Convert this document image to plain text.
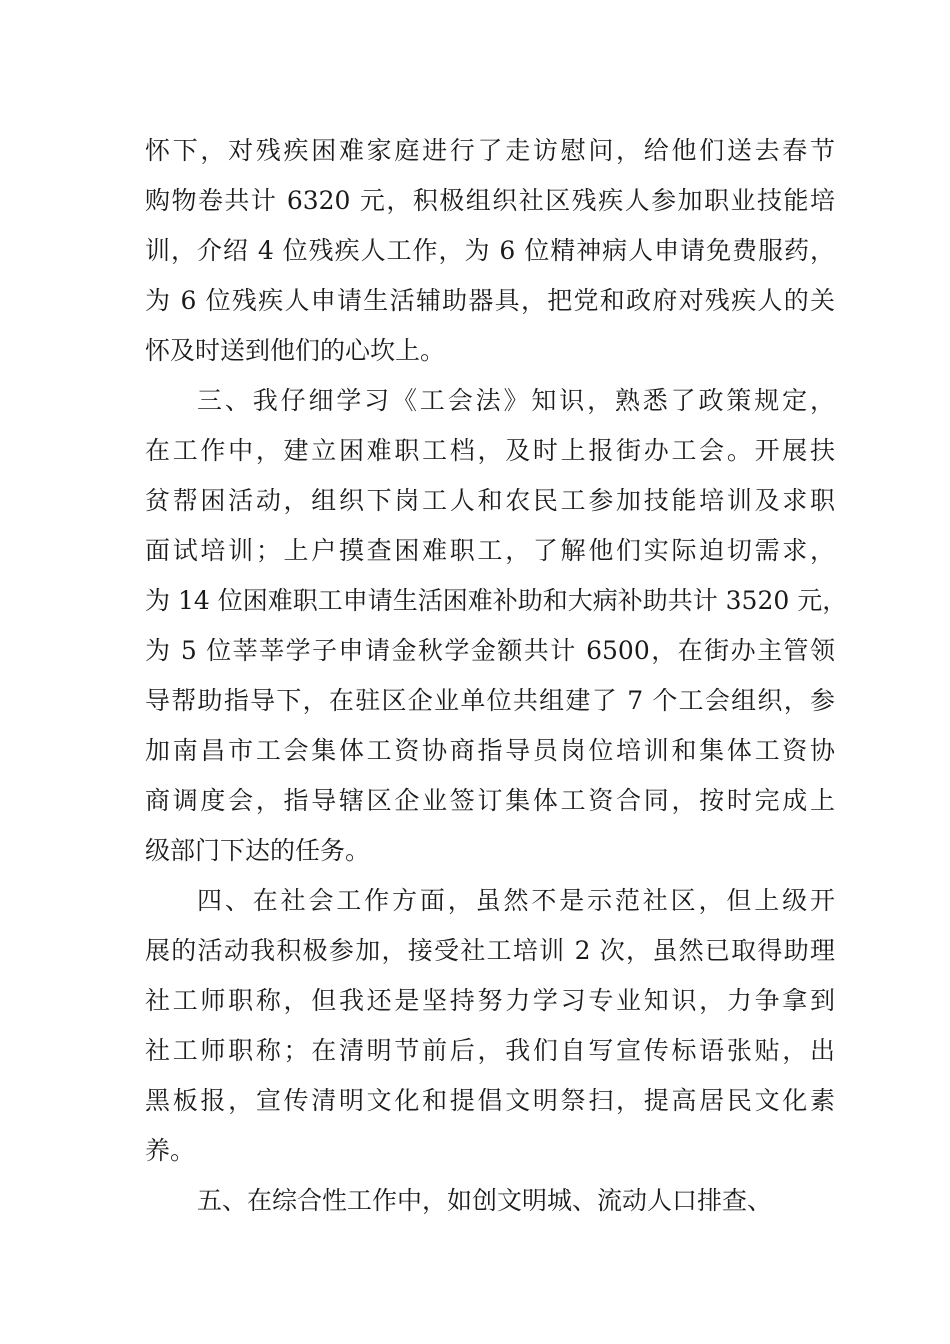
怀下，对残疾困难家庭进行了走访慰问，给他们送去春节
购物卷共计 6320 元，积极组织社区残疾人参加职业技能培
训，介绍 4 位残疾人工作，为 6 位精神病人申请免费服药，
为 6 位残疾人申请生活辅助器具，把党和政府对残疾人的关
怀及时送到他们的心坎上。
三、我仔细学习《工会法》知识，熟悉了政策规定，
在工作中，建立困难职工档，及时上报街办工会。开展扶
贫帮困活动，组织下岗工人和农民工参加技能培训及求职
面试培训；上户摸查困难职工，了解他们实际迫切需求，
为 14 位困难职工申请生活困难补助和大病补助共计 3520 元，
为 5 位莘莘学子申请金秋学金额共计 6500，在街办主管领
导帮助指导下，在驻区企业单位共组建了 7 个工会组织，参
加南昌市工会集体工资协商指导员岗位培训和集体工资协
商调度会，指导辖区企业签订集体工资合同，按时完成上
级部门下达的任务。
四、在社会工作方面，虽然不是示范社区，但上级开
展的活动我积极参加，接受社工培训 2 次，虽然已取得助理
社工师职称，但我还是坚持努力学习专业知识，力争拿到
社工师职称；在清明节前后，我们自写宣传标语张贴，出
黑板报，宣传清明文化和提倡文明祭扫，提高居民文化素
养。
五、在综合性工作中，如创文明城、流动人口排查、
